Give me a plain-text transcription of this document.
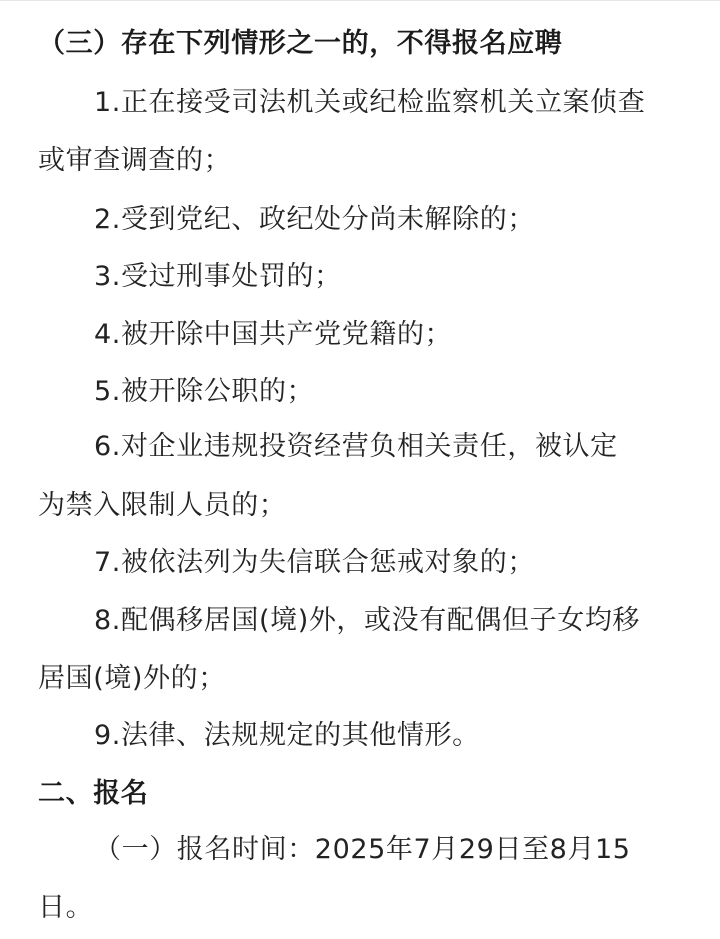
（三）存在下列情形之一的，不得报名应聘
1.正在接受司法机关或纪检监察机关立案侦查
或审查调查的；
2.受到党纪、政纪处分尚未解除的；
3.受过刑事处罚的；
4.被开除中国共产党党籍的；
5.被开除公职的；
6.对企业违规投资经营负相关责任，被认定
为禁入限制人员的；
7.被依法列为失信联合惩戒对象的；
8.配偶移居国(境)外，或没有配偶但子女均移
居国(境)外的；
9.法律、法规规定的其他情形。
二、报名
（一）报名时间：2025年7月29日至8月15
日。
